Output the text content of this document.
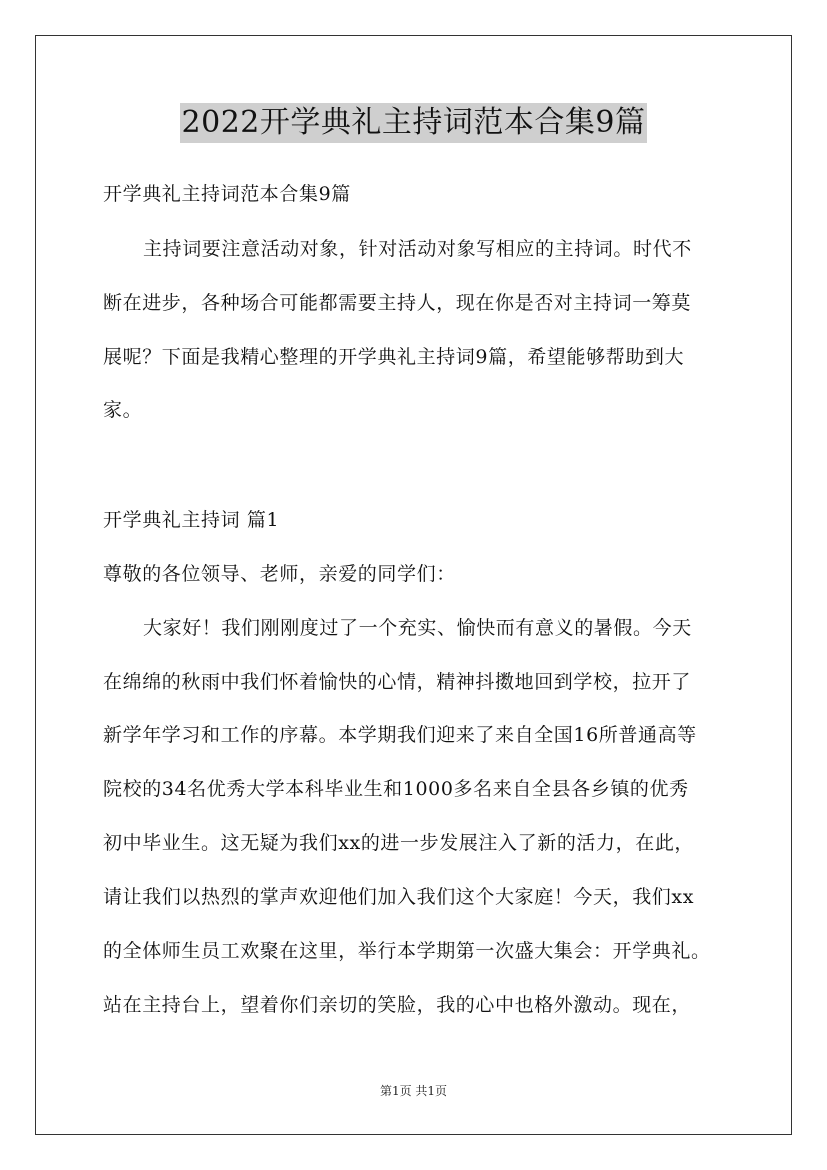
2022开学典礼主持词范本合集9篇
开学典礼主持词范本合集9篇
主持词要注意活动对象，针对活动对象写相应的主持词。时代不
断在进步，各种场合可能都需要主持人，现在你是否对主持词一筹莫
展呢？下面是我精心整理的开学典礼主持词9篇，希望能够帮助到大
家。
开学典礼主持词 篇1
尊敬的各位领导、老师，亲爱的同学们：
大家好！我们刚刚度过了一个充实、愉快而有意义的暑假。今天
在绵绵的秋雨中我们怀着愉快的心情，精神抖擞地回到学校，拉开了
新学年学习和工作的序幕。本学期我们迎来了来自全国16所普通高等
院校的34名优秀大学本科毕业生和1000多名来自全县各乡镇的优秀
初中毕业生。这无疑为我们xx的进一步发展注入了新的活力，在此，
请让我们以热烈的掌声欢迎他们加入我们这个大家庭！今天，我们xx
的全体师生员工欢聚在这里，举行本学期第一次盛大集会：开学典礼。
站在主持台上，望着你们亲切的笑脸，我的心中也格外激动。现在，
第1页 共1页
